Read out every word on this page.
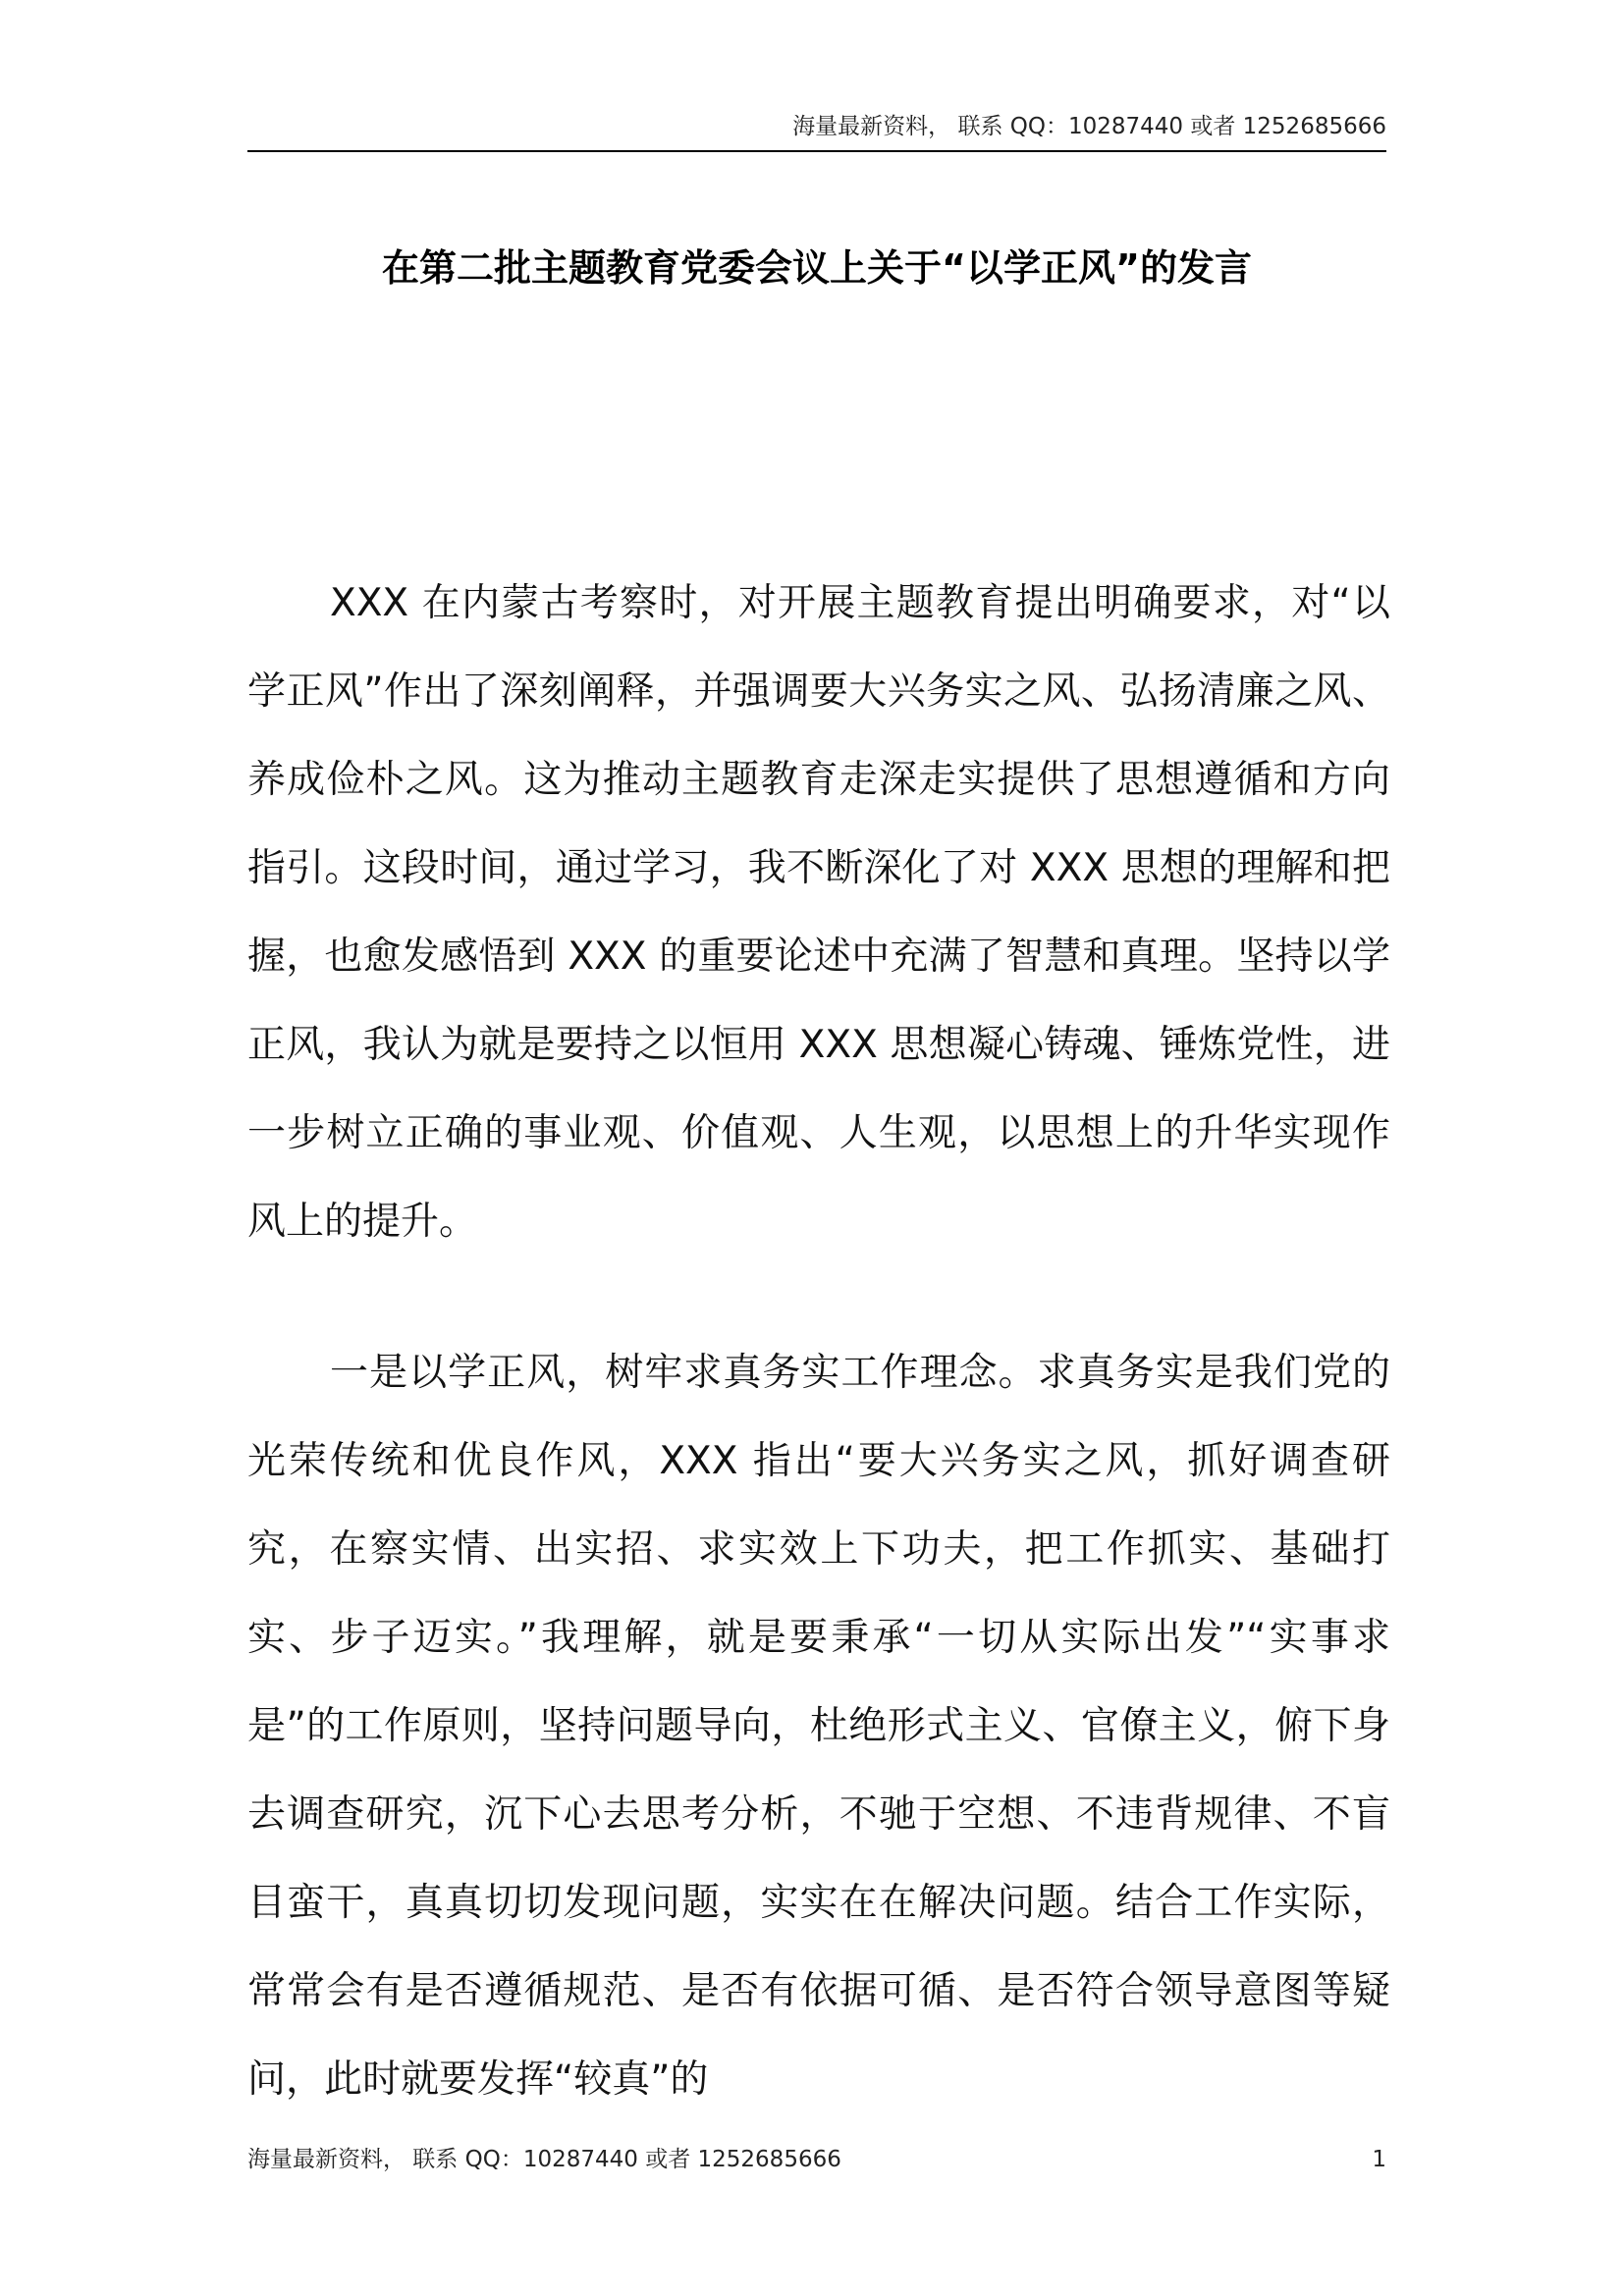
海量最新资料， 联系 QQ：10287440 或者 1252685666
在第二批主题教育党委会议上关于“以学正风”的发言

XXX 在内蒙古考察时，对开展主题教育提出明确要求，对“以学正风”作出了深刻阐释，并强调要大兴务实之风、弘扬清廉之风、养成俭朴之风。这为推动主题教育走深走实提供了思想遵循和方向指引。这段时间，通过学习，我不断深化了对 XXX 思想的理解和把握，也愈发感悟到 XXX 的重要论述中充满了智慧和真理。坚持以学正风，我认为就是要持之以恒用 XXX 思想凝心铸魂、锤炼党性，进一步树立正确的事业观、价值观、人生观，以思想上的升华实现作风上的提升。

一是以学正风，树牢求真务实工作理念。求真务实是我们党的光荣传统和优良作风，XXX 指出“要大兴务实之风，抓好调查研究，在察实情、出实招、求实效上下功夫，把工作抓实、基础打实、步子迈实。”我理解，就是要秉承“一切从实际出发”“实事求是”的工作原则，坚持问题导向，杜绝形式主义、官僚主义，俯下身去调查研究，沉下心去思考分析，不驰于空想、不违背规律、不盲目蛮干，真真切切发现问题，实实在在解决问题。结合工作实际，常常会有是否遵循规范、是否有依据可循、是否符合领导意图等疑问，此时就要发挥“较真”的

海量最新资料， 联系 QQ：10287440 或者 1252685666	1
